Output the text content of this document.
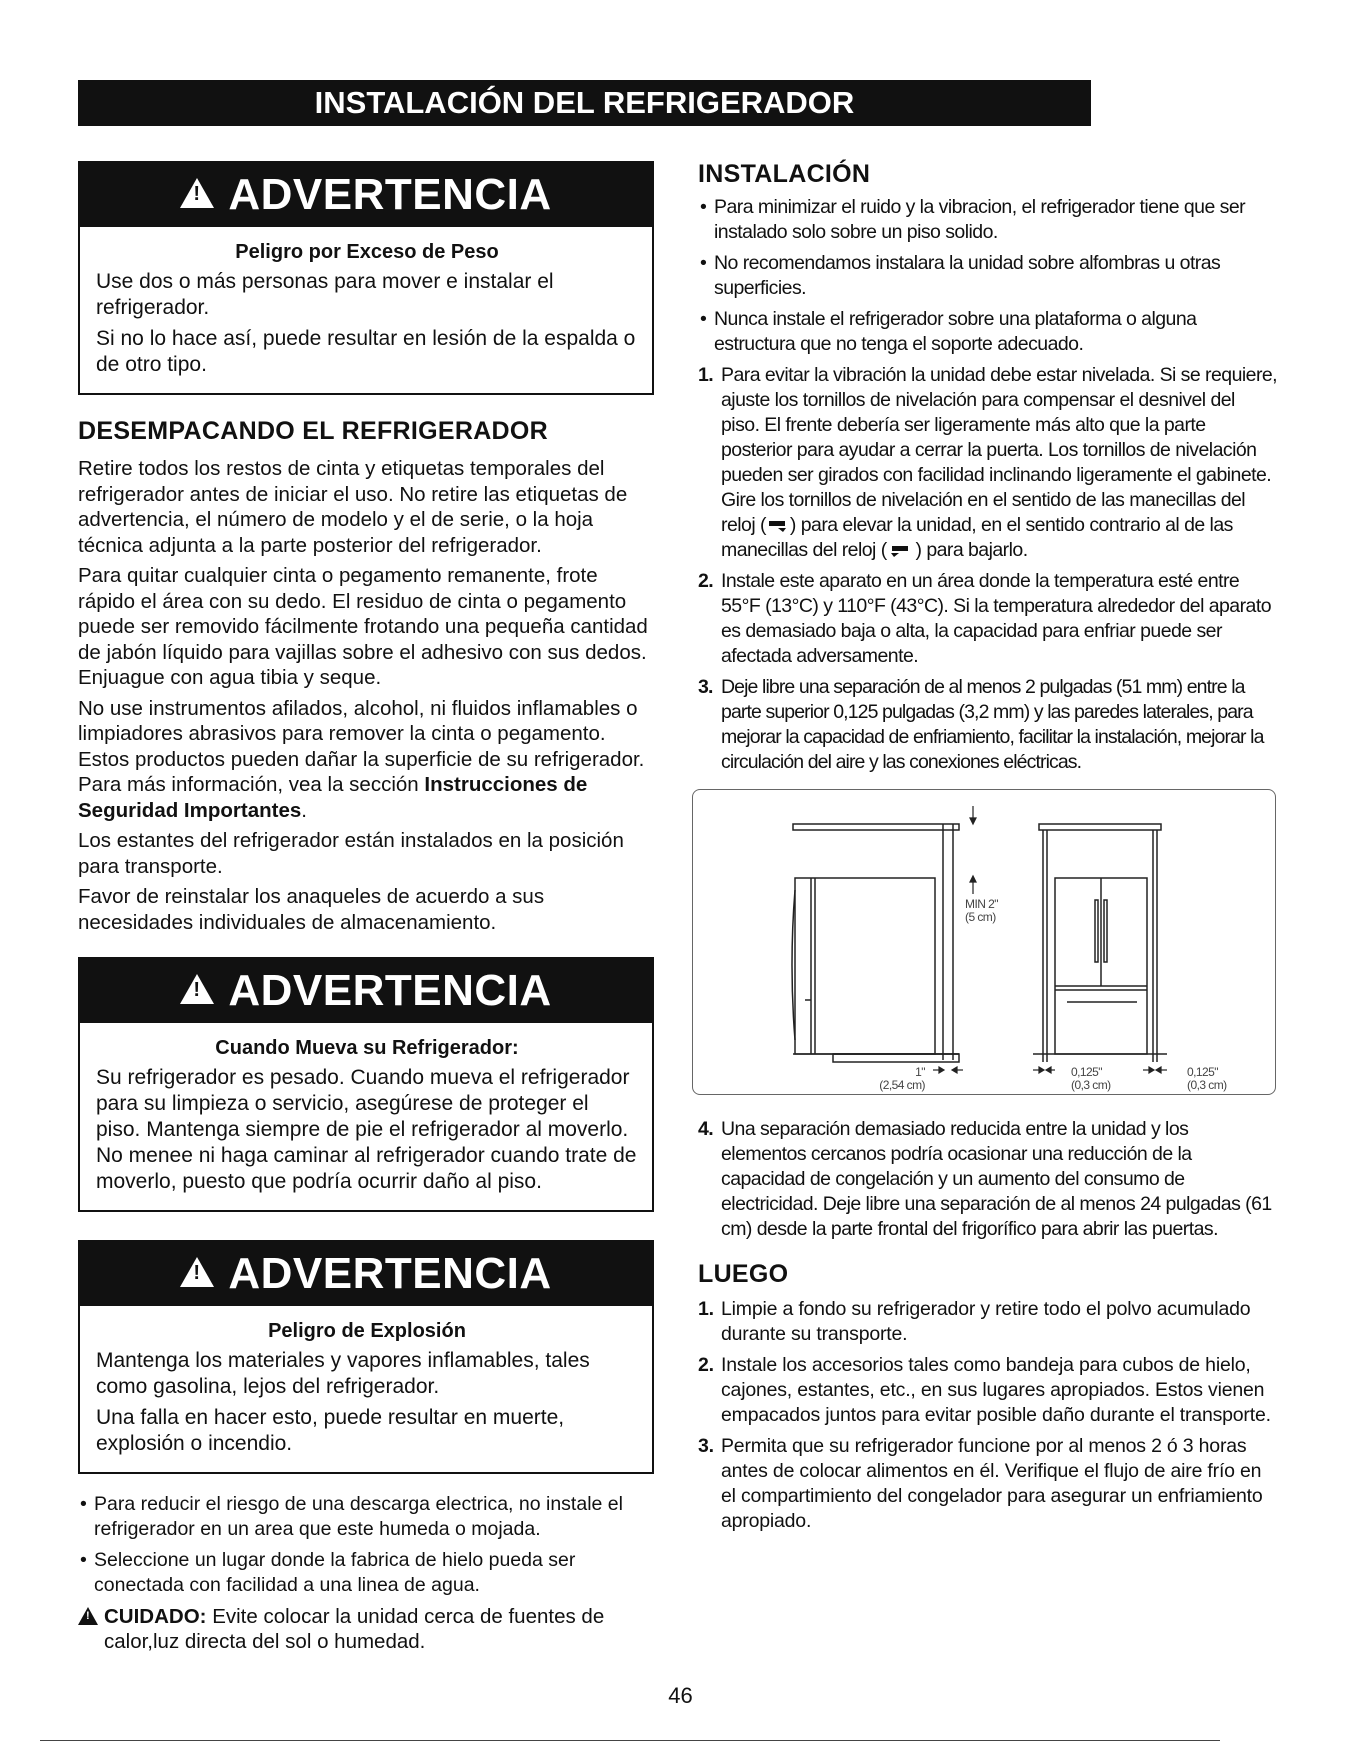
INSTALACIÓN DEL REFRIGERADOR
!
ADVERTENCIA
Peligro por Exceso de Peso

Use dos o más personas para mover e instalar el refrigerador.

Si no lo hace así, puede resultar en lesión de la espalda o de otro tipo.

DESEMPACANDO EL REFRIGERADOR

Retire todos los restos de cinta y etiquetas temporales del refrigerador antes de iniciar el uso. No retire las etiquetas de advertencia, el número de modelo y el de serie, o la hoja técnica adjunta a la parte posterior del refrigerador.

Para quitar cualquier cinta o pegamento remanente, frote rápido el área con su dedo. El residuo de cinta o pegamento puede ser removido fácilmente frotando una pequeña cantidad de jabón líquido para vajillas sobre el adhesivo con sus dedos. Enjuague con agua tibia y seque.

No use instrumentos afilados, alcohol, ni fluidos inflamables o limpiadores abrasivos para remover la cinta o pegamento. Estos productos pueden dañar la superficie de su refrigerador. Para más información, vea la sección Instrucciones de Seguridad Importantes.

Los estantes del refrigerador están instalados en la posición para transporte.

Favor de reinstalar los anaqueles de acuerdo a sus necesidades individuales de almacenamiento.

!
ADVERTENCIA
Cuando Mueva su Refrigerador:

Su refrigerador es pesado. Cuando mueva el refrigerador para su limpieza o servicio, asegúrese de proteger el piso. Mantenga siempre de pie el refrigerador al moverlo. No menee ni haga caminar al refrigerador cuando trate de moverlo, puesto que podría ocurrir daño al piso.

!
ADVERTENCIA
Peligro de Explosión

Mantenga los materiales y vapores inflamables, tales como gasolina, lejos del refrigerador.

Una falla en hacer esto, puede resultar en muerte, explosión o incendio.

• Para reducir el riesgo de una descarga electrica, no instale el refrigerador en un area que este humeda o mojada.
• Seleccione un lugar donde la fabrica de hielo pueda ser conectada con facilidad a una linea de agua.
!
CUIDADO: Evite colocar la unidad cerca de fuentes de calor,luz directa del sol o humedad.
INSTALACIÓN
• Para minimizar el ruido y la vibracion, el refrigerador tiene que ser instalado solo sobre un piso solido.
• No recomendamos instalara la unidad sobre alfombras u otras superficies.
• Nunca instale el refrigerador sobre una plataforma o alguna estructura que no tenga el soporte adecuado.
1. Para evitar la vibración la unidad debe estar nivelada. Si se requiere, ajuste los tornillos de nivelación para compensar el desnivel del piso. El frente debería ser ligeramente más alto que la parte posterior para ayudar a cerrar la puerta. Los tornillos de nivelación pueden ser girados con facilidad inclinando ligeramente el gabinete. Gire los tornillos de nivelación en el sentido de las manecillas del reloj ( ) para elevar la unidad, en el sentido contrario al de las manecillas del reloj ( ) para bajarlo.
2. Instale este aparato en un área donde la temperatura esté entre 55°F (13°C) y 110°F (43°C). Si la temperatura alrededor del aparato es demasiado baja o alta, la capacidad para enfriar puede ser afectada adversamente.
3. Deje libre una separación de al menos 2 pulgadas (51 mm) entre la parte superior 0,125 pulgadas (3,2 mm) y las paredes laterales, para mejorar la capacidad de enfriamiento, facilitar la instalación, mejorar la circulación del aire y las conexiones eléctricas.
MIN 2"
(5 cm)
1"
(2,54 cm)
0,125"
(0,3 cm)
0,125"
(0,3 cm)
4. Una separación demasiado reducida entre la unidad y los elementos cercanos podría ocasionar una reducción de la capacidad de congelación y un aumento del consumo de electricidad. Deje libre una separación de al menos 24 pulgadas (61 cm) desde la parte frontal del frigorífico para abrir las puertas.
LUEGO
1. Limpie a fondo su refrigerador y retire todo el polvo acumulado durante su transporte.
2. Instale los accesorios tales como bandeja para cubos de hielo, cajones, estantes, etc., en sus lugares apropiados. Estos vienen empacados juntos para evitar posible daño durante el transporte.
3. Permita que su refrigerador funcione por al menos 2 ó 3 horas antes de colocar alimentos en él. Verifique el flujo de aire frío en el compartimiento del congelador para asegurar un enfriamiento apropiado.
46
